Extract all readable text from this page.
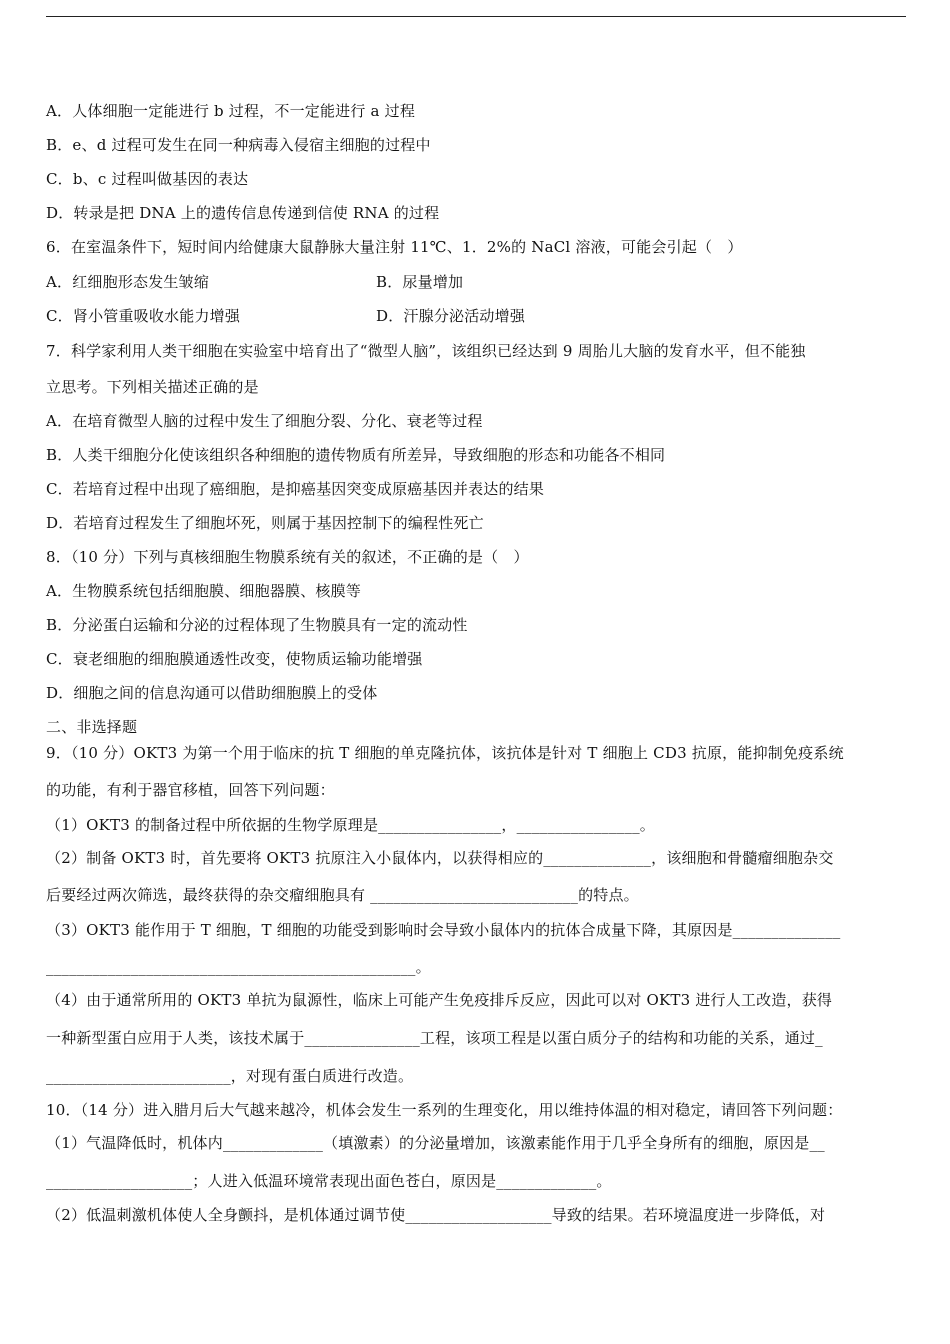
A．人体细胞一定能进行 b 过程，不一定能进行 a 过程
B．e、d 过程可发生在同一种病毒入侵宿主细胞的过程中
C．b、c 过程叫做基因的表达
D．转录是把 DNA 上的遗传信息传递到信使 RNA 的过程
6．在室温条件下，短时间内给健康大鼠静脉大量注射 11℃、1．2%的 NaCl 溶液，可能会引起（　）
A．红细胞形态发生皱缩	B．尿量增加
C．肾小管重吸收水能力增强	D．汗腺分泌活动增强
7．科学家利用人类干细胞在实验室中培育出了“微型人脑”，该组织已经达到 9 周胎儿大脑的发育水平，但不能独
立思考。下列相关描述正确的是
A．在培育微型人脑的过程中发生了细胞分裂、分化、衰老等过程
B．人类干细胞分化使该组织各种细胞的遗传物质有所差异，导致细胞的形态和功能各不相同
C．若培育过程中出现了癌细胞，是抑癌基因突变成原癌基因并表达的结果
D．若培育过程发生了细胞坏死，则属于基因控制下的编程性死亡
8．（10 分）下列与真核细胞生物膜系统有关的叙述，不正确的是（　）
A．生物膜系统包括细胞膜、细胞器膜、核膜等
B．分泌蛋白运输和分泌的过程体现了生物膜具有一定的流动性
C．衰老细胞的细胞膜通透性改变，使物质运输功能增强
D．细胞之间的信息沟通可以借助细胞膜上的受体
二、非选择题
9．（10 分）OKT3 为第一个用于临床的抗 T 细胞的单克隆抗体，该抗体是针对 T 细胞上 CD3 抗原，能抑制免疫系统
的功能，有利于器官移植，回答下列问题：
（1）OKT3 的制备过程中所依据的生物学原理是________________，________________。
（2）制备 OKT3 时，首先要将 OKT3 抗原注入小鼠体内，以获得相应的______________，该细胞和骨髓瘤细胞杂交
后要经过两次筛选，最终获得的杂交瘤细胞具有 ___________________________的特点。
（3）OKT3 能作用于 T 细胞，T 细胞的功能受到影响时会导致小鼠体内的抗体合成量下降，其原因是______________
________________________________________________。
（4）由于通常所用的 OKT3 单抗为鼠源性，临床上可能产生免疫排斥反应，因此可以对 OKT3 进行人工改造，获得
一种新型蛋白应用于人类，该技术属于_______________工程，该项工程是以蛋白质分子的结构和功能的关系，通过_
________________________，对现有蛋白质进行改造。
10．（14 分）进入腊月后大气越来越冷，机体会发生一系列的生理变化，用以维持体温的相对稳定，请回答下列问题：
（1）气温降低时，机体内_____________（填激素）的分泌量增加，该激素能作用于几乎全身所有的细胞，原因是__
___________________；人进入低温环境常表现出面色苍白，原因是_____________。
（2）低温刺激机体使人全身颤抖，是机体通过调节使___________________导致的结果。若环境温度进一步降低，对
